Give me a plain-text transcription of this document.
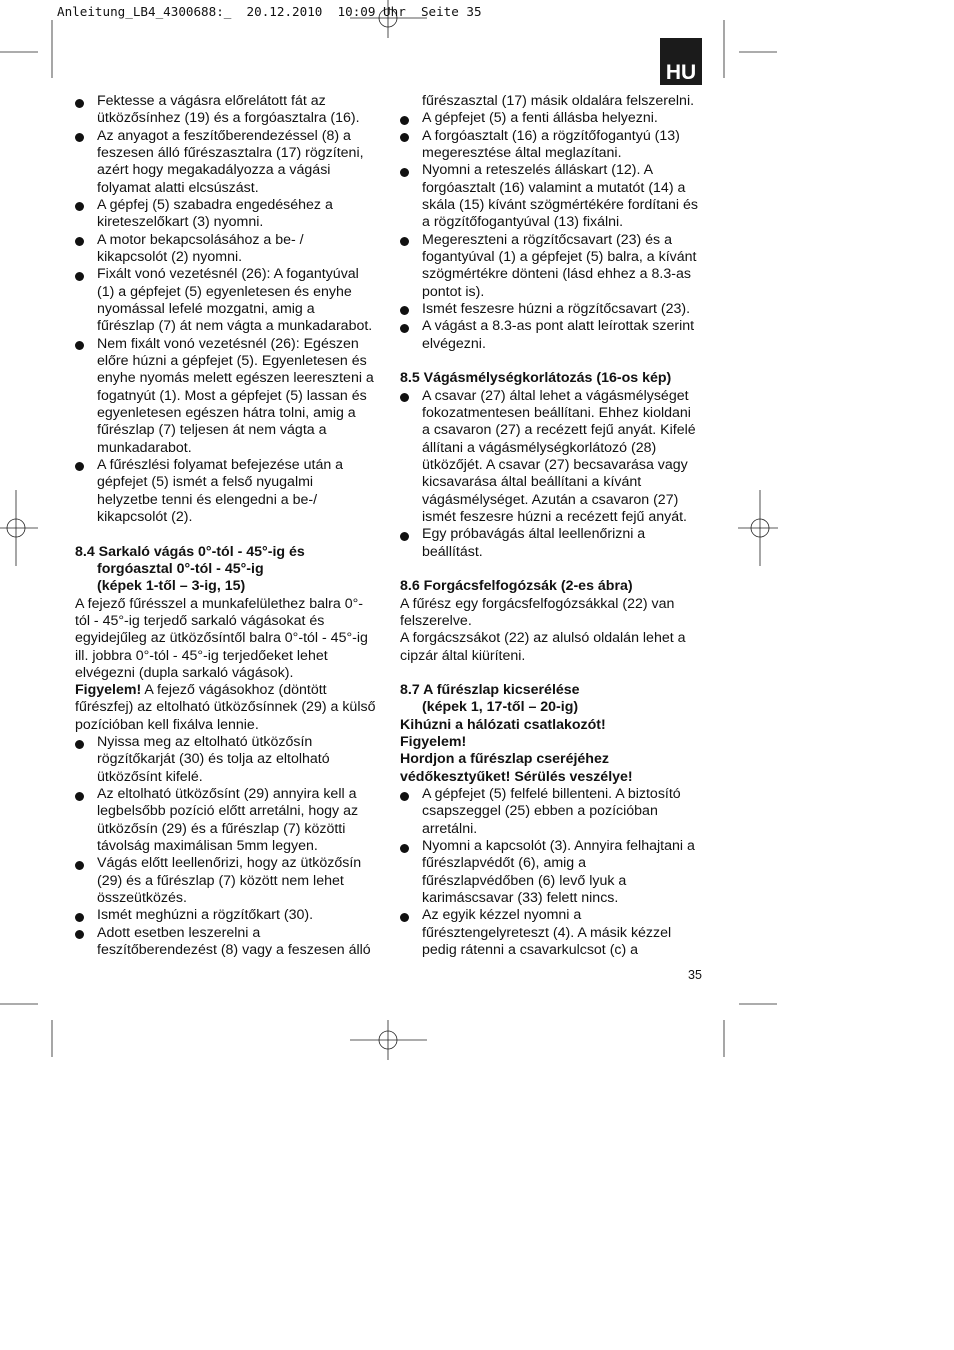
Anleitung_LB4_4300688:_  20.12.2010  10:09 Uhr  Seite 35
HU
Fektesse a vágásra előrelátott fát az
ütközősínhez (19) és a forgóasztalra (16).
Az anyagot a feszítőberendezéssel (8) a
feszesen álló fűrészasztalra (17) rögzíteni,
azért hogy megakadályozza a vágási
folyamat alatti elcsúszást.
A gépfej (5) szabadra engedéséhez a
kireteszelőkart (3) nyomni.
A motor bekapcsolásához a be- /
kikapcsolót (2) nyomni.
Fixált vonó vezetésnél (26): A fogantyúval
(1) a gépfejet (5) egyenletesen és enyhe
nyomással lefelé mozgatni, amig a
fűrészlap (7) át nem vágta a munkadarabot.
Nem fixált vonó vezetésnél (26): Egészen
előre húzni a gépfejet (5). Egyenletesen és
enyhe nyomás melett egészen leereszteni a
fogatnyút (1). Most a gépfejet (5) lassan és
egyenletesen egészen hátra tolni, amig a
fűrészlap (7) teljesen át nem vágta a
munkadarabot.
A fűrészlési folyamat befejezése után a
gépfejet (5) ismét a felső nyugalmi
helyzetbe tenni és elengedni a be-/
kikapcsolót (2).
8.4 Sarkaló vágás 0°-tól - 45°-ig és
forgóasztal 0°-tól - 45°-ig
(képek 1-től – 3-ig, 15)
A fejező fűrésszel a munkafelülethez balra 0°-
tól - 45°-ig terjedő sarkaló vágásokat és
egyidejűleg az ütközősíntől balra 0°-tól - 45°-ig
ill. jobbra 0°-tól - 45°-ig terjedőeket lehet
elvégezni (dupla sarkaló vágások).
Figyelem! A fejező vágásokhoz (döntött
fűrészfej) az eltolható ütközősínnek (29) a külső
pozícióban kell fixálva lennie.
Nyissa meg az eltolható ütközősín
rögzítőkarját (30) és tolja az eltolható
ütközősínt kifelé.
Az eltolható ütközősínt (29) annyira kell a
legbelsőbb pozíció előtt arretálni, hogy az
ütközősín (29) és a fűrészlap (7) közötti
távolság maximálisan 5mm legyen.
Vágás előtt leellenőrizi, hogy az ütközősín
(29) és a fűrészlap (7) között nem lehet
összeütközés.
Ismét meghúzni a rögzítőkart (30).
Adott esetben leszerelni a
feszítőberendezést (8) vagy a feszesen álló
fűrészasztal (17) másik oldalára felszerelni.
A gépfejet (5) a fenti állásba helyezni.
A forgóasztalt (16) a rögzítőfogantyú (13)
megeresztése által meglazítani.
Nyomni a reteszelés álláskart (12). A
forgóasztalt (16) valamint a mutatót (14) a
skála (15) kívánt szögmértékére fordítani és
a rögzítőfogantyúval (13) fixálni.
Megereszteni a rögzítőcsavart (23) és a
fogantyúval (1) a gépfejet (5) balra, a kívánt
szögmértékre dönteni (lásd ehhez a 8.3-as
pontot is).
Ismét feszesre húzni a rögzítőcsavart (23).
A vágást a 8.3-as pont alatt leírottak szerint
elvégezni.
8.5 Vágásmélységkorlátozás (16-os kép)
A csavar (27) által lehet a vágásmélységet
fokozatmentesen beállítani. Ehhez kioldani
a csavaron (27) a recézett fejű anyát. Kifelé
állítani a vágásmélységkorlátozó (28)
ütközőjét. A csavar (27) becsavarása vagy
kicsavarása által beállítani a kívánt
vágásmélységet. Azután a csavaron (27)
ismét feszesre húzni a recézett fejű anyát.
Egy próbavágás által leellenőrizni a
beállítást.
8.6 Forgácsfelfogózsák (2-es ábra)
A fűrész egy forgácsfelfogózsákkal (22) van
felszerelve.
A forgácszsákot (22) az alulsó oldalán lehet a
cipzár által kiüríteni.
8.7 A fűrészlap kicserélése
(képek 1, 17-től – 20-ig)
Kihúzni a hálózati csatlakozót!
Figyelem!
Hordjon a fűrészlap cseréjéhez
védőkesztyűket! Sérülés veszélye!
A gépfejet (5) felfelé billenteni. A biztosító
csapszeggel (25) ebben a pozícióban
arretálni.
Nyomni a kapcsolót (3). Annyira felhajtani a
fűrészlapvédőt (6), amig a
fűrészlapvédőben (6) levő lyuk a
karimáscsavar (33) felett nincs.
Az egyik kézzel nyomni a
fűrésztengelyreteszt (4). A másik kézzel
pedig rátenni a csavarkulcsot (c) a
35
